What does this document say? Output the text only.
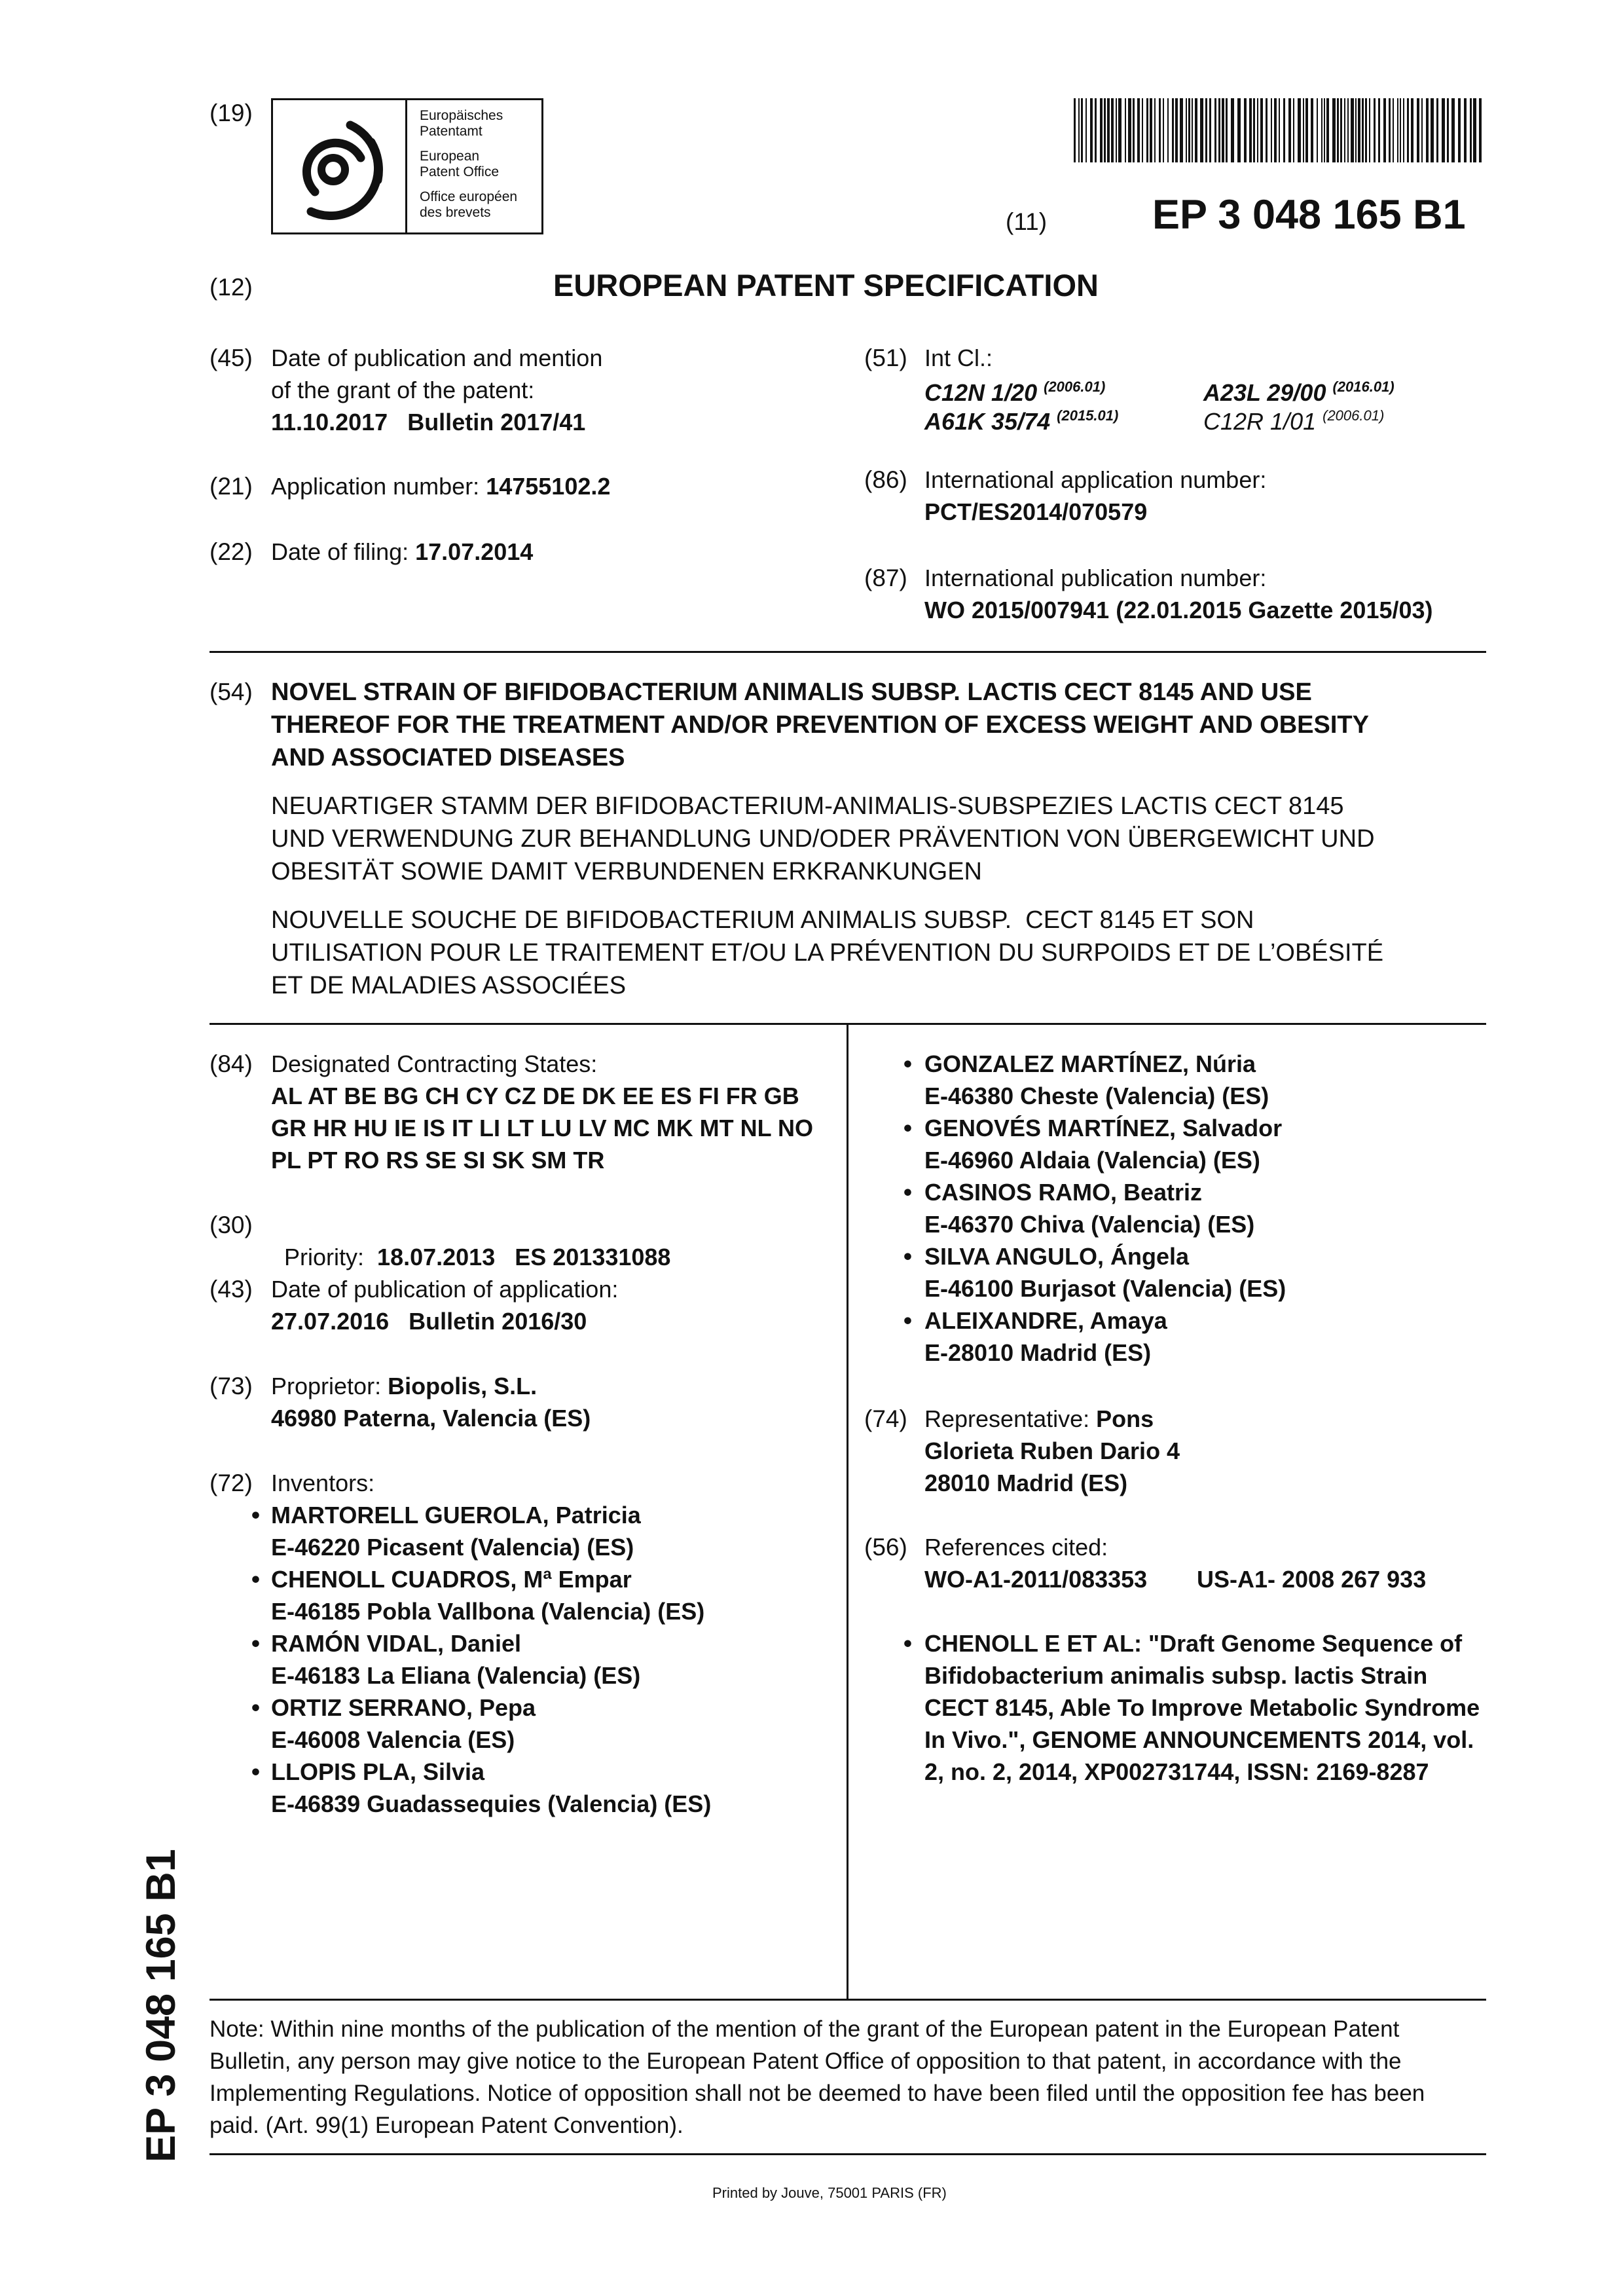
(19)	Europäisches
Patentamt
European
Patent Office
Office européen
des brevets	(11)	EP 3 048 165 B1
(12)	EUROPEAN PATENT SPECIFICATION
(45) Date of publication and mention
of the grant of the patent:
11.10.2017   Bulletin 2017/41
(21) Application number: 14755102.2
(22) Date of filing: 17.07.2014
(51) Int Cl.:
C12N 1/20 $^{(2006.01)}$	A23L 29/00 $^{(2016.01)}$
A61K 35/74 $^{(2015.01)}$	C12R 1/01 $^{(2006.01)}$
(86) International application number:
PCT/ES2014/070579
(87) International publication number:
WO 2015/007941 (22.01.2015 Gazette 2015/03)
(54) NOVEL STRAIN OF BIFIDOBACTERIUM ANIMALIS SUBSP. LACTIS CECT 8145 AND USE
THEREOF FOR THE TREATMENT AND/OR PREVENTION OF EXCESS WEIGHT AND OBESITY
AND ASSOCIATED DISEASES
NEUARTIGER STAMM DER BIFIDOBACTERIUM-ANIMALIS-SUBSPEZIES LACTIS CECT 8145
UND VERWENDUNG ZUR BEHANDLUNG UND/ODER PRÄVENTION VON ÜBERGEWICHT UND
OBESITÄT SOWIE DAMIT VERBUNDENEN ERKRANKUNGEN
NOUVELLE SOUCHE DE BIFIDOBACTERIUM ANIMALIS SUBSP.  CECT 8145 ET SON
UTILISATION POUR LE TRAITEMENT ET/OU LA PRÉVENTION DU SURPOIDS ET DE L’OBÉSITÉ
ET DE MALADIES ASSOCIÉES
(84) Designated Contracting States:
AL AT BE BG CH CY CZ DE DK EE ES FI FR GB
GR HR HU IE IS IT LI LT LU LV MC MK MT NL NO
PL PT RO RS SE SI SK SM TR
(30)

Priority: 18.07.2013   ES 201331088

(43) Date of publication of application:
27.07.2016   Bulletin 2016/30
(73) Proprietor: Biopolis, S.L.
46980 Paterna, Valencia (ES)
(72) Inventors:
• MARTORELL GUEROLA, Patricia
E-46220 Picasent (Valencia) (ES)
• CHENOLL CUADROS, Mª Empar
E-46185 Pobla Vallbona (Valencia) (ES)
• RAMÓN VIDAL, Daniel
E-46183 La Eliana (Valencia) (ES)
• ORTIZ SERRANO, Pepa
E-46008 Valencia (ES)
• LLOPIS PLA, Silvia
E-46839 Guadassequies (Valencia) (ES)
• GONZALEZ MARTÍNEZ, Núria
E-46380 Cheste (Valencia) (ES)
• GENOVÉS MARTÍNEZ, Salvador
E-46960 Aldaia (Valencia) (ES)
• CASINOS RAMO, Beatriz
E-46370 Chiva (Valencia) (ES)
• SILVA ANGULO, Ángela
E-46100 Burjasot (Valencia) (ES)
• ALEIXANDRE, Amaya
E-28010 Madrid (ES)
(74) Representative: Pons
Glorieta Ruben Dario 4
28010 Madrid (ES)
(56) References cited:
WO-A1-2011/083353 US-A1- 2008 267 933
• CHENOLL E ET AL: "Draft Genome Sequence of
Bifidobacterium animalis subsp. lactis Strain
CECT 8145, Able To Improve Metabolic Syndrome
In Vivo.", GENOME ANNOUNCEMENTS 2014, vol.
2, no. 2, 2014, XP002731744, ISSN: 2169-8287
EP 3 048 165 B1 Note: Within nine months of the publication of the mention of the grant of the European patent in the European Patent
Bulletin, any person may give notice to the European Patent Office of opposition to that patent, in accordance with the
Implementing Regulations. Notice of opposition shall not be deemed to have been filed until the opposition fee has been
paid. (Art. 99(1) European Patent Convention).
Printed by Jouve, 75001 PARIS (FR)
